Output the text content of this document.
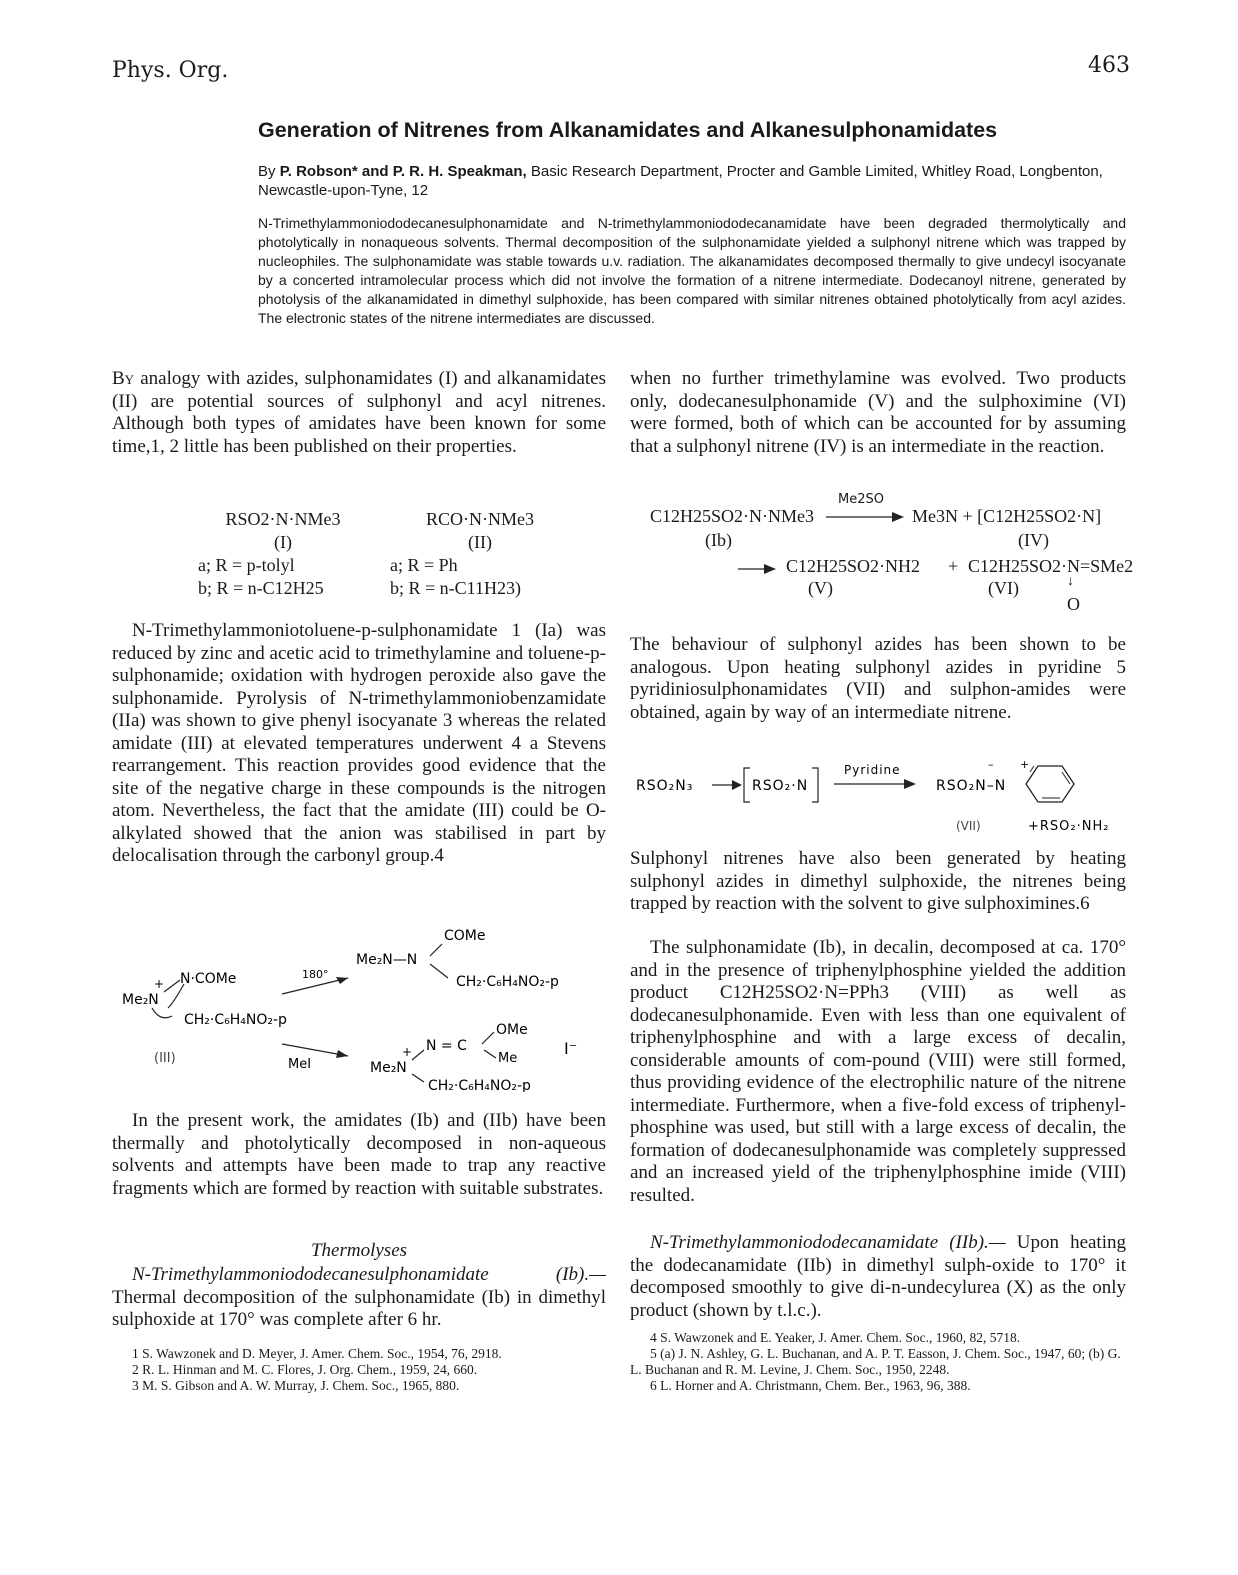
Phys. Org.	463
Generation of Nitrenes from Alkanamidates and Alkanesulphonamidates
By P. Robson* and P. R. H. Speakman, Basic Research Department, Procter and Gamble Limited, Whitley Road, Longbenton, Newcastle-upon-Tyne, 12
N-Trimethylammoniododecanesulphonamidate and N-trimethylammoniododecanamidate have been degraded thermolytically and photolytically in nonaqueous solvents. Thermal decomposition of the sulphonamidate yielded a sulphonyl nitrene which was trapped by nucleophiles. The sulphonamidate was stable towards u.v. radiation. The alkanamidates decomposed thermally to give undecyl isocyanate by a concerted intramolecular process which did not involve the formation of a nitrene intermediate. Dodecanoyl nitrene, generated by photolysis of the alkanamidated in dimethyl sulphoxide, has been compared with similar nitrenes obtained photolytically from acyl azides. The electronic states of the nitrene intermediates are discussed.

By analogy with azides, sulphonamidates (I) and alkanamidates (II) are potential sources of sulphonyl and acyl nitrenes. Although both types of amidates have been known for some time,1, 2 little has been published on their properties.

RSO2·N·NMe3
(I)
a; R = p-tolyl
b; R = n-C12H25
RCO·N·NMe3
(II)
a; R = Ph
b; R = n-C11H23)

N-Trimethylammoniotoluene-p-sulphonamidate 1 (Ia) was reduced by zinc and acetic acid to trimethylamine and toluene-p-sulphonamide; oxidation with hydrogen peroxide also gave the sulphonamide. Pyrolysis of N-trimethylammoniobenzamidate (IIa) was shown to give phenyl isocyanate 3 whereas the related amidate (III) at elevated temperatures underwent 4 a Stevens rearrangement. This reaction provides good evidence that the site of the negative charge in these compounds is the nitrogen atom. Nevertheless, the fact that the amidate (III) could be O-alkylated showed that the anion was stabilised in part by delocalisation through the carbonyl group.4

COMe
Me₂N—N
CH₂·C₆H₄NO₂-p
N·COMe
+
Me₂N
CH₂·C₆H₄NO₂-p
(III)
180°
MeI
OMe
N = C
Me
+
Me₂N
CH₂·C₆H₄NO₂-p
I⁻

In the present work, the amidates (Ib) and (IIb) have been thermally and photolytically decomposed in non-aqueous solvents and attempts have been made to trap any reactive fragments which are formed by reaction with suitable substrates.

Thermolyses

N-Trimethylammoniododecanesulphonamidate (Ib).— Thermal decomposition of the sulphonamidate (Ib) in dimethyl sulphoxide at 170° was complete after 6 hr.

1 S. Wawzonek and D. Meyer, J. Amer. Chem. Soc., 1954, 76, 2918.

2 R. L. Hinman and M. C. Flores, J. Org. Chem., 1959, 24, 660.

3 M. S. Gibson and A. W. Murray, J. Chem. Soc., 1965, 880.

when no further trimethylamine was evolved. Two products only, dodecanesulphonamide (V) and the sulphoximine (VI) were formed, both of which can be accounted for by assuming that a sulphonyl nitrene (IV) is an intermediate in the reaction.

C12H25SO2·N·NMe3
Me2SO
Me3N + [C12H25SO2·N]
(Ib)	(IV)
→ C12H25SO2·NH2 + C12H25SO2·N=SMe2
(V)	(VI)	↓
O

The behaviour of sulphonyl azides has been shown to be analogous. Upon heating sulphonyl azides in pyridine 5 pyridiniosulphonamidates (VII) and sulphon-amides were obtained, again by way of an intermediate nitrene.

RSO₂N₃	RSO₂·N
Pyridine
RSO₂N–N
– +
(VII)	+RSO₂·NH₂

Sulphonyl nitrenes have also been generated by heating sulphonyl azides in dimethyl sulphoxide, the nitrenes being trapped by reaction with the solvent to give sulphoximines.6

The sulphonamidate (Ib), in decalin, decomposed at ca. 170° and in the presence of triphenylphosphine yielded the addition product C12H25SO2·N=PPh3 (VIII) as well as dodecanesulphonamide. Even with less than one equivalent of triphenylphosphine and with a large excess of decalin, considerable amounts of com-pound (VIII) were still formed, thus providing evidence of the electrophilic nature of the nitrene intermediate. Furthermore, when a five-fold excess of triphenyl-phosphine was used, but still with a large excess of decalin, the formation of dodecanesulphonamide was completely suppressed and an increased yield of the triphenylphosphine imide (VIII) resulted.

N-Trimethylammoniododecanamidate (IIb).— Upon heating the dodecanamidate (IIb) in dimethyl sulph-oxide to 170° it decomposed smoothly to give di-n-undecylurea (X) as the only product (shown by t.l.c.).

4 S. Wawzonek and E. Yeaker, J. Amer. Chem. Soc., 1960, 82, 5718.

5 (a) J. N. Ashley, G. L. Buchanan, and A. P. T. Easson, J. Chem. Soc., 1947, 60; (b) G. L. Buchanan and R. M. Levine, J. Chem. Soc., 1950, 2248.

6 L. Horner and A. Christmann, Chem. Ber., 1963, 96, 388.
